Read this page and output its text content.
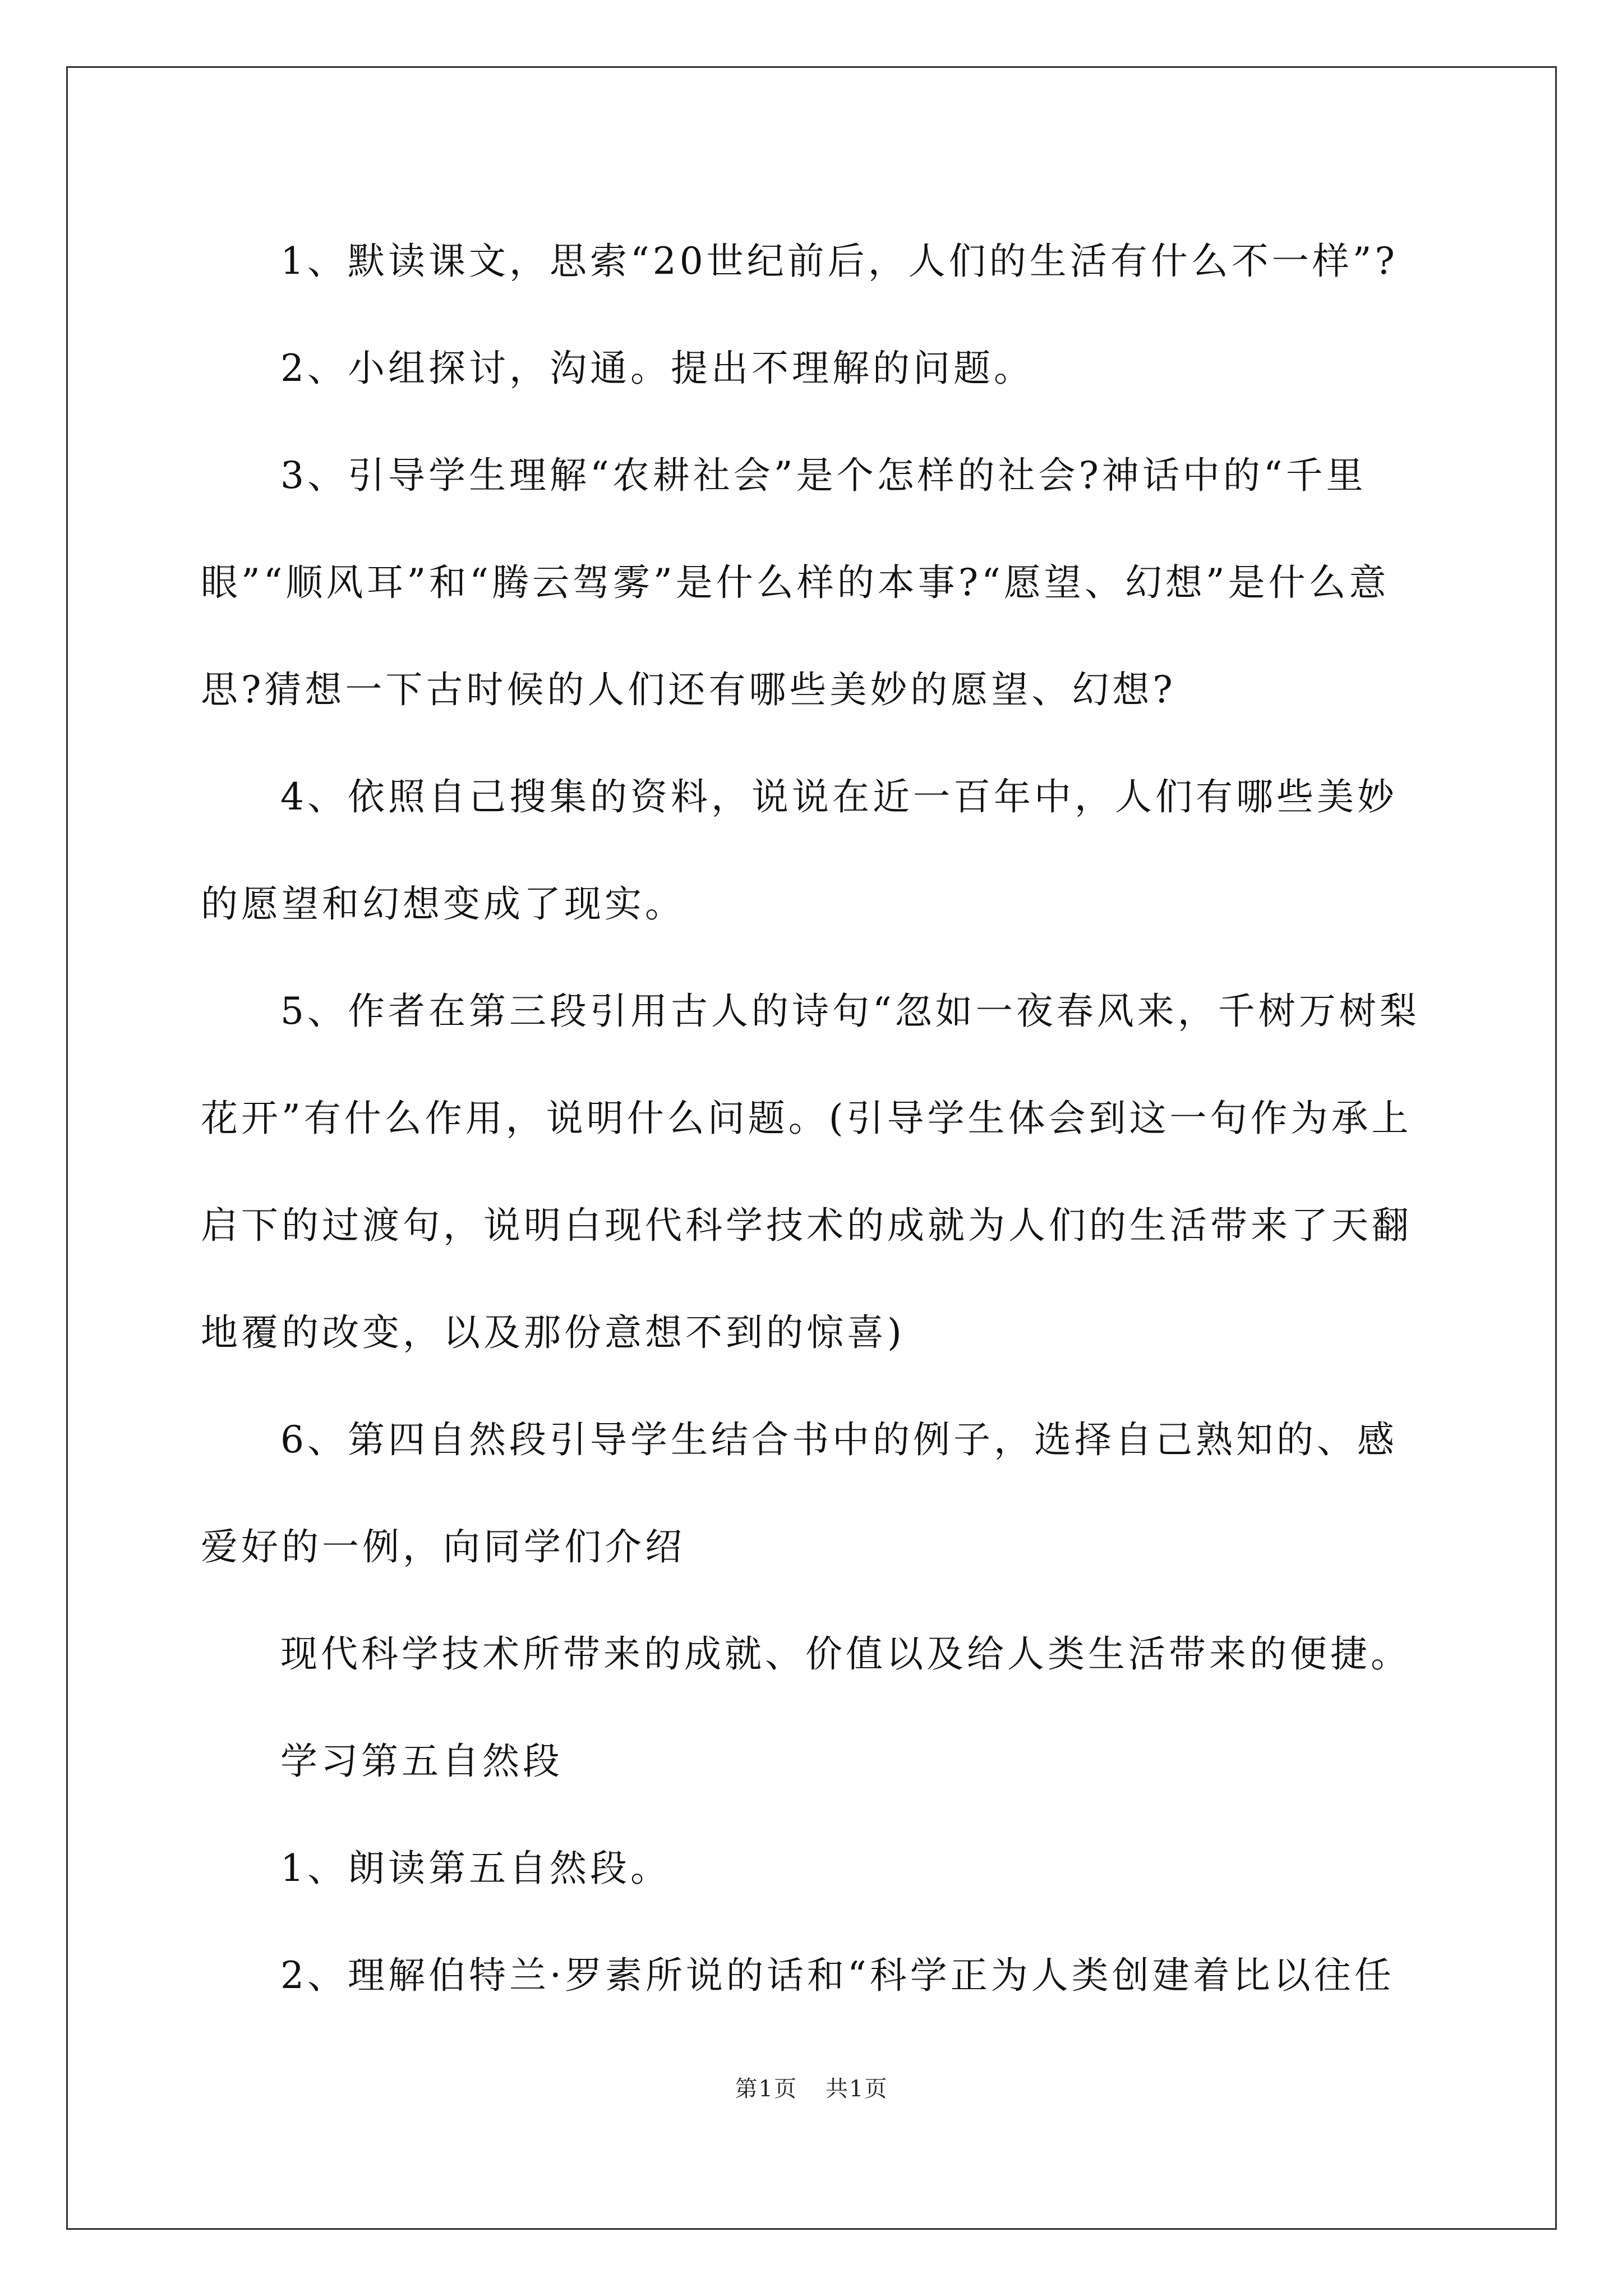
1、默读课文，思索“20世纪前后，人们的生活有什么不一样”?

2、小组探讨，沟通。提出不理解的问题。

3、引导学生理解“农耕社会”是个怎样的社会?神话中的“千里眼”“顺风耳”和“腾云驾雾”是什么样的本事?“愿望、幻想”是什么意思?猜想一下古时候的人们还有哪些美妙的愿望、幻想?

4、依照自己搜集的资料，说说在近一百年中，人们有哪些美妙的愿望和幻想变成了现实。

5、作者在第三段引用古人的诗句“忽如一夜春风来，千树万树梨花开”有什么作用，说明什么问题。(引导学生体会到这一句作为承上启下的过渡句，说明白现代科学技术的成就为人们的生活带来了天翻地覆的改变，以及那份意想不到的惊喜)

6、第四自然段引导学生结合书中的例子，选择自己熟知的、感爱好的一例，向同学们介绍

现代科学技术所带来的成就、价值以及给人类生活带来的便捷。

学习第五自然段

1、朗读第五自然段。

2、理解伯特兰·罗素所说的话和“科学正为人类创建着比以往任

第1页 共1页
